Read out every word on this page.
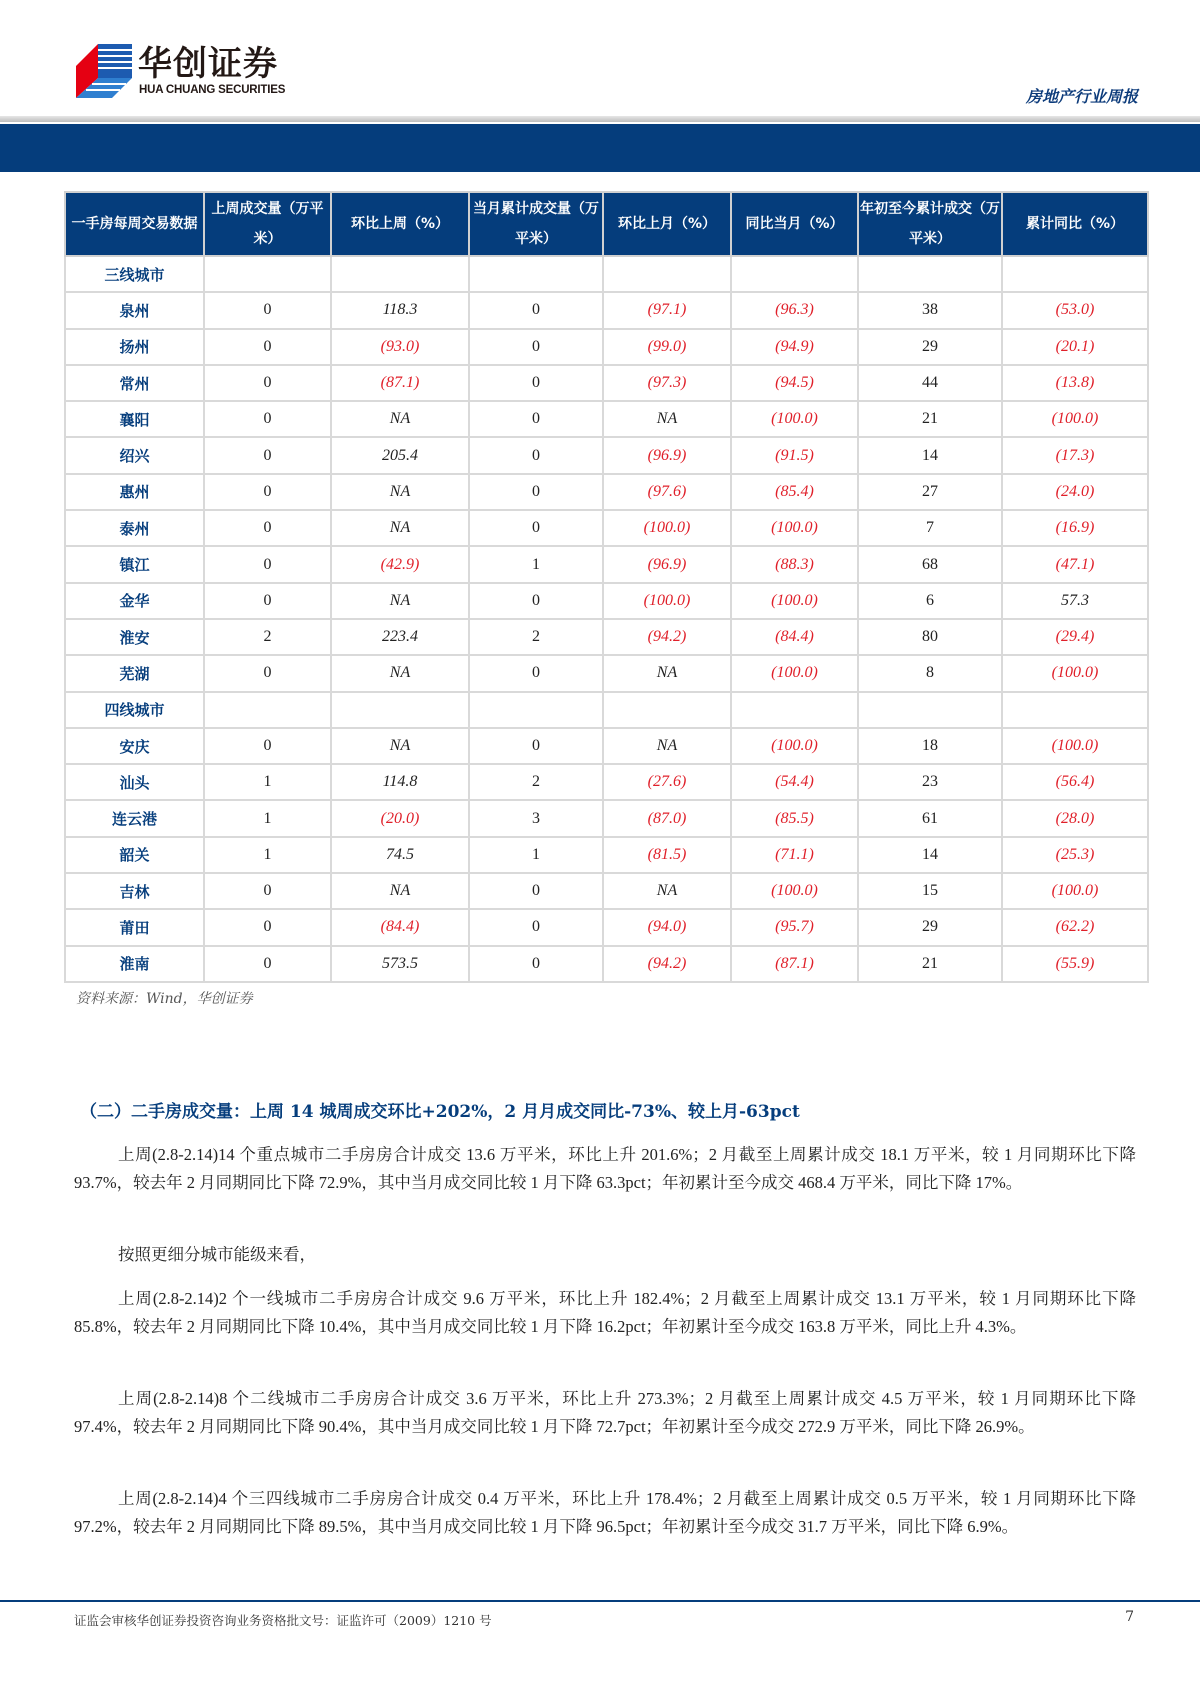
华创证券
HUA CHUANG SECURITIES	房地产行业周报
一手房每周交易数据	上周成交量（万平米）	环比上周（%）	当月累计成交量（万平米）	环比上月（%）	同比当月（%）	年初至今累计成交（万平米）	累计同比（%）
三线城市							
泉州	0	118.3	0	(97.1)	(96.3)	38	(53.0)
扬州	0	(93.0)	0	(99.0)	(94.9)	29	(20.1)
常州	0	(87.1)	0	(97.3)	(94.5)	44	(13.8)
襄阳	0	NA	0	NA	(100.0)	21	(100.0)
绍兴	0	205.4	0	(96.9)	(91.5)	14	(17.3)
惠州	0	NA	0	(97.6)	(85.4)	27	(24.0)
泰州	0	NA	0	(100.0)	(100.0)	7	(16.9)
镇江	0	(42.9)	1	(96.9)	(88.3)	68	(47.1)
金华	0	NA	0	(100.0)	(100.0)	6	57.3
淮安	2	223.4	2	(94.2)	(84.4)	80	(29.4)
芜湖	0	NA	0	NA	(100.0)	8	(100.0)
四线城市							
安庆	0	NA	0	NA	(100.0)	18	(100.0)
汕头	1	114.8	2	(27.6)	(54.4)	23	(56.4)
连云港	1	(20.0)	3	(87.0)	(85.5)	61	(28.0)
韶关	1	74.5	1	(81.5)	(71.1)	14	(25.3)
吉林	0	NA	0	NA	(100.0)	15	(100.0)
莆田	0	(84.4)	0	(94.0)	(95.7)	29	(62.2)
淮南	0	573.5	0	(94.2)	(87.1)	21	(55.9)
资料来源：Wind，华创证券
（二）二手房成交量：上周 14 城周成交环比+202%，2 月月成交同比-73%、较上月-63pct

上周(2.8-2.14)14 个重点城市二手房房合计成交 13.6 万平米，环比上升 201.6%；2 月截至上周累计成交 18.1 万平米，较 1 月同期环比下降 93.7%，较去年 2 月同期同比下降 72.9%，其中当月成交同比较 1 月下降 63.3pct；年初累计至今成交 468.4 万平米，同比下降 17%。

按照更细分城市能级来看，

上周(2.8-2.14)2 个一线城市二手房房合计成交 9.6 万平米，环比上升 182.4%；2 月截至上周累计成交 13.1 万平米，较 1 月同期环比下降 85.8%，较去年 2 月同期同比下降 10.4%，其中当月成交同比较 1 月下降 16.2pct；年初累计至今成交 163.8 万平米，同比上升 4.3%。

上周(2.8-2.14)8 个二线城市二手房房合计成交 3.6 万平米，环比上升 273.3%；2 月截至上周累计成交 4.5 万平米，较 1 月同期环比下降 97.4%，较去年 2 月同期同比下降 90.4%，其中当月成交同比较 1 月下降 72.7pct；年初累计至今成交 272.9 万平米，同比下降 26.9%。

上周(2.8-2.14)4 个三四线城市二手房房合计成交 0.4 万平米，环比上升 178.4%；2 月截至上周累计成交 0.5 万平米，较 1 月同期环比下降 97.2%，较去年 2 月同期同比下降 89.5%，其中当月成交同比较 1 月下降 96.5pct；年初累计至今成交 31.7 万平米，同比下降 6.9%。

证监会审核华创证券投资咨询业务资格批文号：证监许可（2009）1210 号	7
